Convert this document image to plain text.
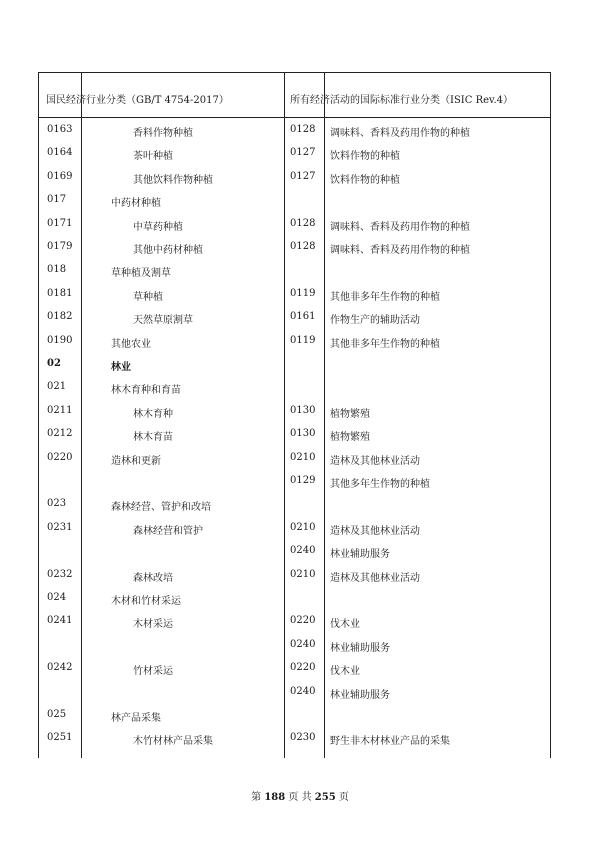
国民经济行业分类（GB/T 4754-2017）	所有经济活动的国际标准行业分类（ISIC Rev.4）
0163	香料作物种植	0128 调味料、香料及药用作物的种植
0164	茶叶种植	0127 饮料作物的种植
0169	其他饮料作物种植	0127 饮料作物的种植
017	中药材种植
0171	中草药种植	0128 调味料、香料及药用作物的种植
0179	其他中药材种植	0128 调味料、香料及药用作物的种植
018	草种植及割草
0181	草种植	0119 其他非多年生作物的种植
0182	天然草原割草	0161 作物生产的辅助活动
0190	其他农业	0119 其他非多年生作物的种植
02	林业
021	林木育种和育苗
0211	林木育种	0130 植物繁殖
0212	林木育苗	0130 植物繁殖
0220	造林和更新	0210 造林及其他林业活动
0129 其他多年生作物的种植
023	森林经营、管护和改培
0231	森林经营和管护	0210 造林及其他林业活动
0240 林业辅助服务
0232	森林改培	0210 造林及其他林业活动
024	木材和竹材采运
0241	木材采运	0220 伐木业
0240 林业辅助服务
0242	竹材采运	0220 伐木业
0240 林业辅助服务
025	林产品采集
0251	木竹材林产品采集	0230 野生非木材林业产品的采集
第 188 页 共 255 页
